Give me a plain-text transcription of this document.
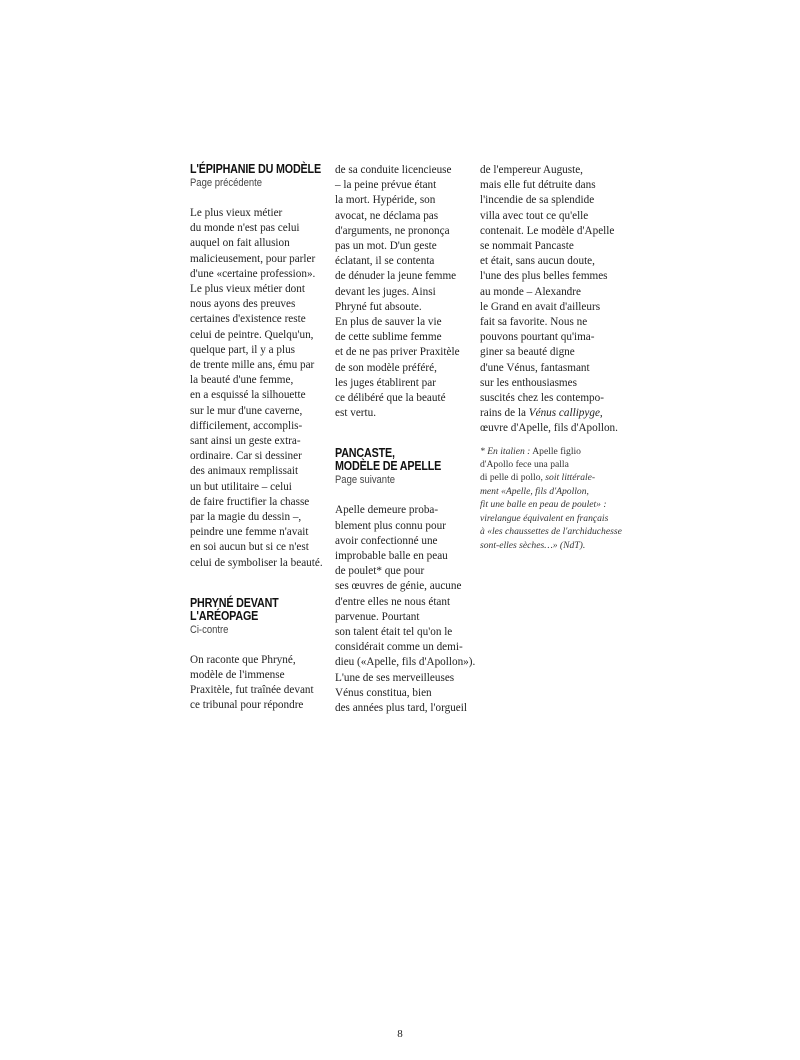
L'ÉPIPHANIE DU MODÈLE
Page précédente

Le plus vieux métier
du monde n'est pas celui
auquel on fait allusion
malicieusement, pour parler
d'une «certaine profession».
Le plus vieux métier dont
nous ayons des preuves
certaines d'existence reste
celui de peintre. Quelqu'un,
quelque part, il y a plus
de trente mille ans, ému par
la beauté d'une femme,
en a esquissé la silhouette
sur le mur d'une caverne,
difficilement, accomplis-
sant ainsi un geste extra-
ordinaire. Car si dessiner
des animaux remplissait
un but utilitaire – celui
de faire fructifier la chasse
par la magie du dessin –,
peindre une femme n'avait
en soi aucun but si ce n'est
celui de symboliser la beauté.

PHRYNÉ DEVANT
L'ARÉOPAGE
Ci-contre

On raconte que Phryné,
modèle de l'immense
Praxitèle, fut traînée devant
ce tribunal pour répondre

de sa conduite licencieuse
– la peine prévue étant
la mort. Hypéride, son
avocat, ne déclama pas
d'arguments, ne prononça
pas un mot. D'un geste
éclatant, il se contenta
de dénuder la jeune femme
devant les juges. Ainsi
Phryné fut absoute.
En plus de sauver la vie
de cette sublime femme
et de ne pas priver Praxitèle
de son modèle préféré,
les juges établirent par
ce délibéré que la beauté
est vertu.

PANCASTE,
MODÈLE DE APELLE
Page suivante

Apelle demeure proba-
blement plus connu pour
avoir confectionné une
improbable balle en peau
de poulet* que pour
ses œuvres de génie, aucune
d'entre elles ne nous étant
parvenue. Pourtant
son talent était tel qu'on le
considérait comme un demi-
dieu («Apelle, fils d'Apollon»).
L'une de ses merveilleuses
Vénus constitua, bien
des années plus tard, l'orgueil

de l'empereur Auguste,
mais elle fut détruite dans
l'incendie de sa splendide
villa avec tout ce qu'elle
contenait. Le modèle d'Apelle
se nommait Pancaste
et était, sans aucun doute,
l'une des plus belles femmes
au monde – Alexandre
le Grand en avait d'ailleurs
fait sa favorite. Nous ne
pouvons pourtant qu'ima-
giner sa beauté digne
d'une Vénus, fantasmant
sur les enthousiasmes
suscités chez les contempo-
rains de la Vénus callipyge,
œuvre d'Apelle, fils d'Apollon.

* En italien : Apelle figlio
d'Apollo fece una palla
di pelle di pollo, soit littérale-
ment «Apelle, fils d'Apollon,
fit une balle en peau de poulet» :
virelangue équivalent en français
à «les chaussettes de l'archiduchesse
sont-elles sèches…» (NdT).

8
